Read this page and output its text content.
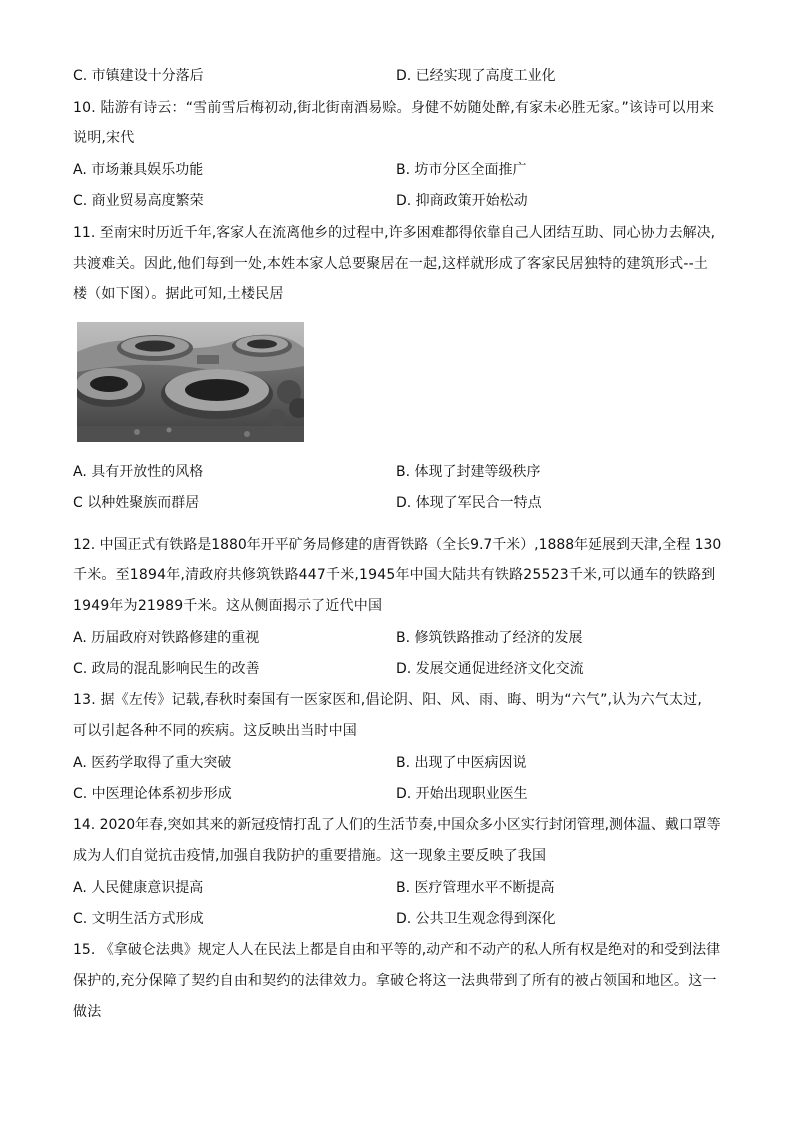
C. 市镇建设十分落后	D. 已经实现了高度工业化
10. 陆游有诗云：“雪前雪后梅初动,街北街南酒易赊。身健不妨随处醉,有家未必胜无家。”该诗可以用来
说明,宋代
A. 市场兼具娱乐功能	B. 坊市分区全面推广
C. 商业贸易高度繁荣	D. 抑商政策开始松动
11. 至南宋时历近千年,客家人在流离他乡的过程中,许多困难都得依靠自己人团结互助、同心协力去解决,
共渡难关。因此,他们每到一处,本姓本家人总要聚居在一起,这样就形成了客家民居独特的建筑形式--土
楼（如下图）。据此可知,土楼民居
A. 具有开放性的风格	B. 体现了封建等级秩序
C 以种姓聚族而群居	D. 体现了军民合一特点
12. 中国正式有铁路是1880年开平矿务局修建的唐胥铁路（全长9.7千米）,1888年延展到天津,全程 130
千米。至1894年,清政府共修筑铁路447千米,1945年中国大陆共有铁路25523千米,可以通车的铁路到
1949年为21989千米。这从侧面揭示了近代中国
A. 历届政府对铁路修建的重视	B. 修筑铁路推动了经济的发展
C. 政局的混乱影响民生的改善	D. 发展交通促进经济文化交流
13. 据《左传》记载,春秋时秦国有一医家医和,倡论阴、阳、风、雨、晦、明为“六气”,认为六气太过,
可以引起各种不同的疾病。这反映出当时中国
A. 医药学取得了重大突破	B. 出现了中医病因说
C. 中医理论体系初步形成	D. 开始出现职业医生
14. 2020年春,突如其来的新冠疫情打乱了人们的生活节奏,中国众多小区实行封闭管理,测体温、戴口罩等
成为人们自觉抗击疫情,加强自我防护的重要措施。这一现象主要反映了我国
A. 人民健康意识提高	B. 医疗管理水平不断提高
C. 文明生活方式形成	D. 公共卫生观念得到深化
15. 《拿破仑法典》规定人人在民法上都是自由和平等的,动产和不动产的私人所有权是绝对的和受到法律
保护的,充分保障了契约自由和契约的法律效力。拿破仑将这一法典带到了所有的被占领国和地区。这一
做法
